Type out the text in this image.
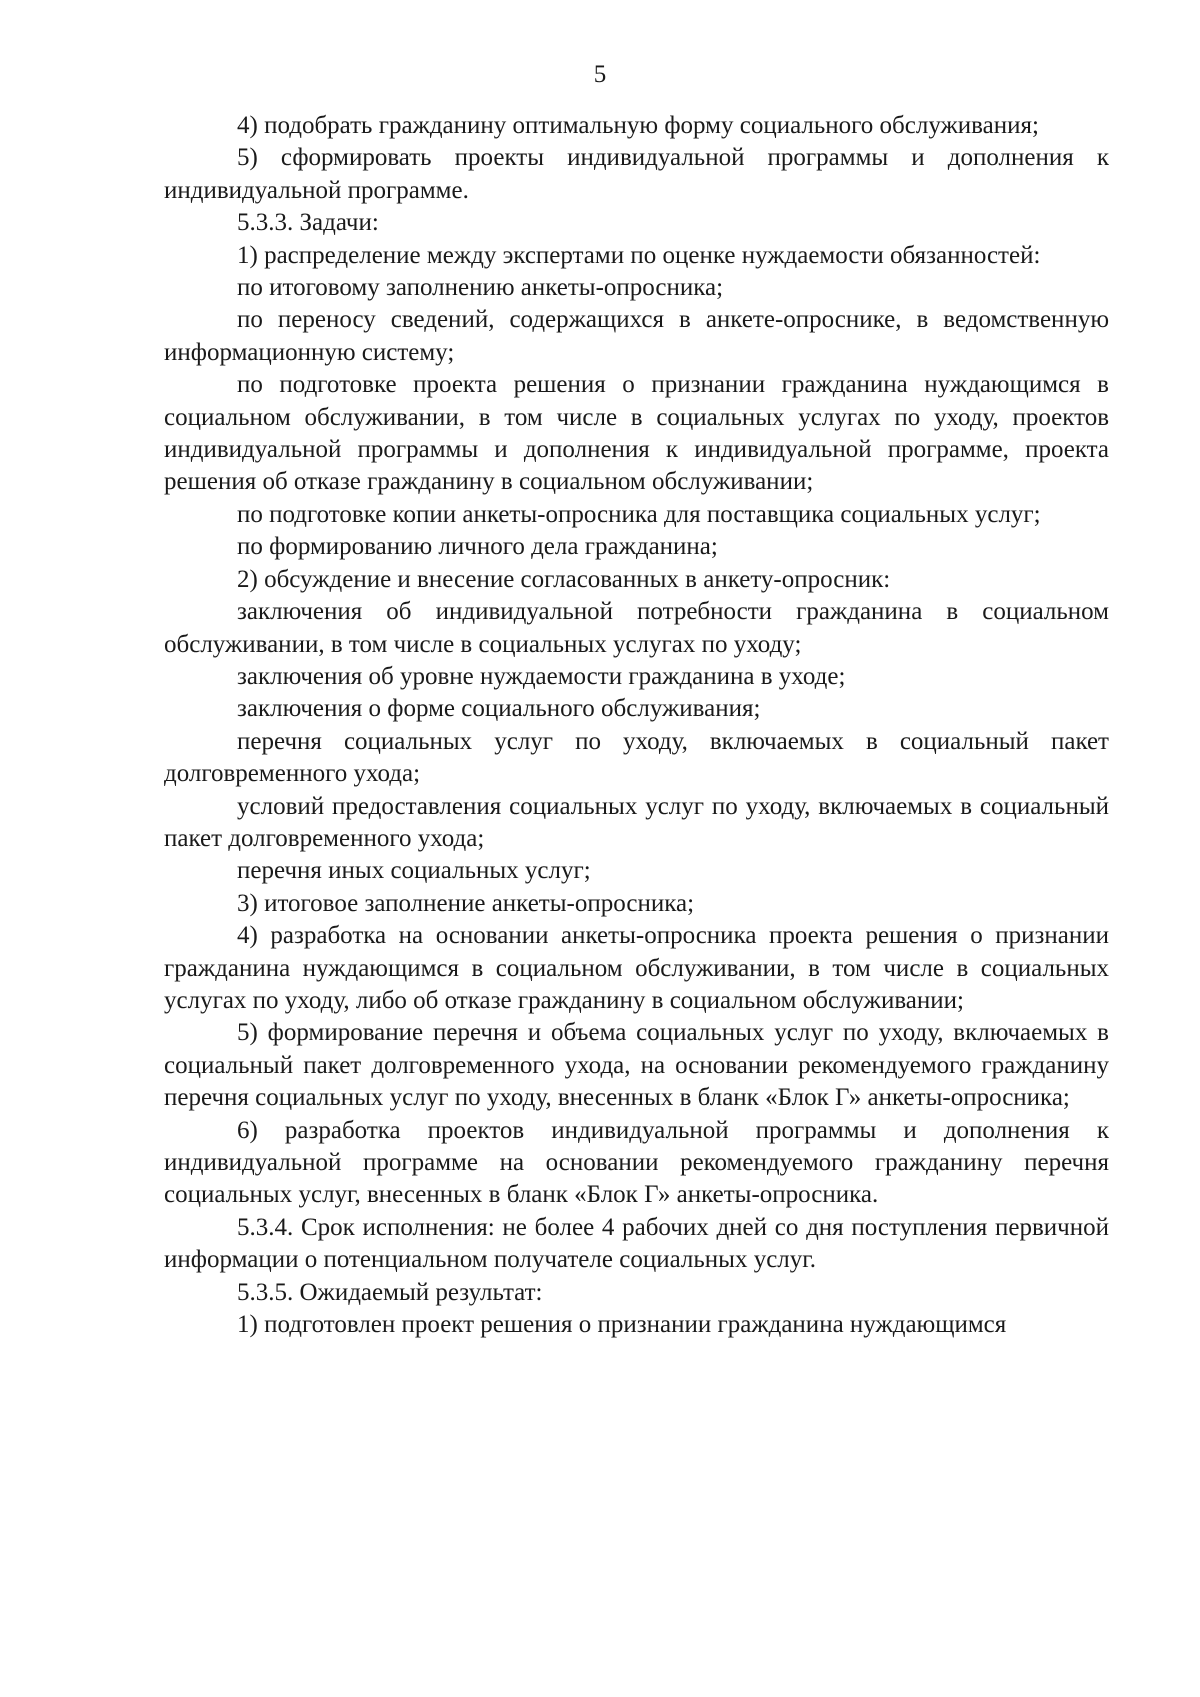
5

4) подобрать гражданину оптимальную форму социального обслуживания;

5) сформировать проекты индивидуальной программы и дополнения к индивидуальной программе.

5.3.3. Задачи:

1) распределение между экспертами по оценке нуждаемости обязанностей:

по итоговому заполнению анкеты-опросника;

по переносу сведений, содержащихся в анкете-опроснике, в ведомственную информационную систему;

по подготовке проекта решения о признании гражданина нуждающимся в социальном обслуживании, в том числе в социальных услугах по уходу, проектов индивидуальной программы и дополнения к индивидуальной программе, проекта решения об отказе гражданину в социальном обслуживании;

по подготовке копии анкеты-опросника для поставщика социальных услуг;

по формированию личного дела гражданина;

2) обсуждение и внесение согласованных в анкету-опросник:

заключения об индивидуальной потребности гражданина в социальном обслуживании, в том числе в социальных услугах по уходу;

заключения об уровне нуждаемости гражданина в уходе;

заключения о форме социального обслуживания;

перечня социальных услуг по уходу, включаемых в социальный пакет долговременного ухода;

условий предоставления социальных услуг по уходу, включаемых в социальный пакет долговременного ухода;

перечня иных социальных услуг;

3) итоговое заполнение анкеты-опросника;

4) разработка на основании анкеты-опросника проекта решения о признании гражданина нуждающимся в социальном обслуживании, в том числе в социальных услугах по уходу, либо об отказе гражданину в социальном обслуживании;

5) формирование перечня и объема социальных услуг по уходу, включаемых в социальный пакет долговременного ухода, на основании рекомендуемого гражданину перечня социальных услуг по уходу, внесенных в бланк «Блок Г» анкеты-опросника;

6) разработка проектов индивидуальной программы и дополнения к индивидуальной программе на основании рекомендуемого гражданину перечня социальных услуг, внесенных в бланк «Блок Г» анкеты-опросника.

5.3.4. Срок исполнения: не более 4 рабочих дней со дня поступления первичной информации о потенциальном получателе социальных услуг.

5.3.5. Ожидаемый результат:

1) подготовлен проект решения о признании гражданина нуждающимся
